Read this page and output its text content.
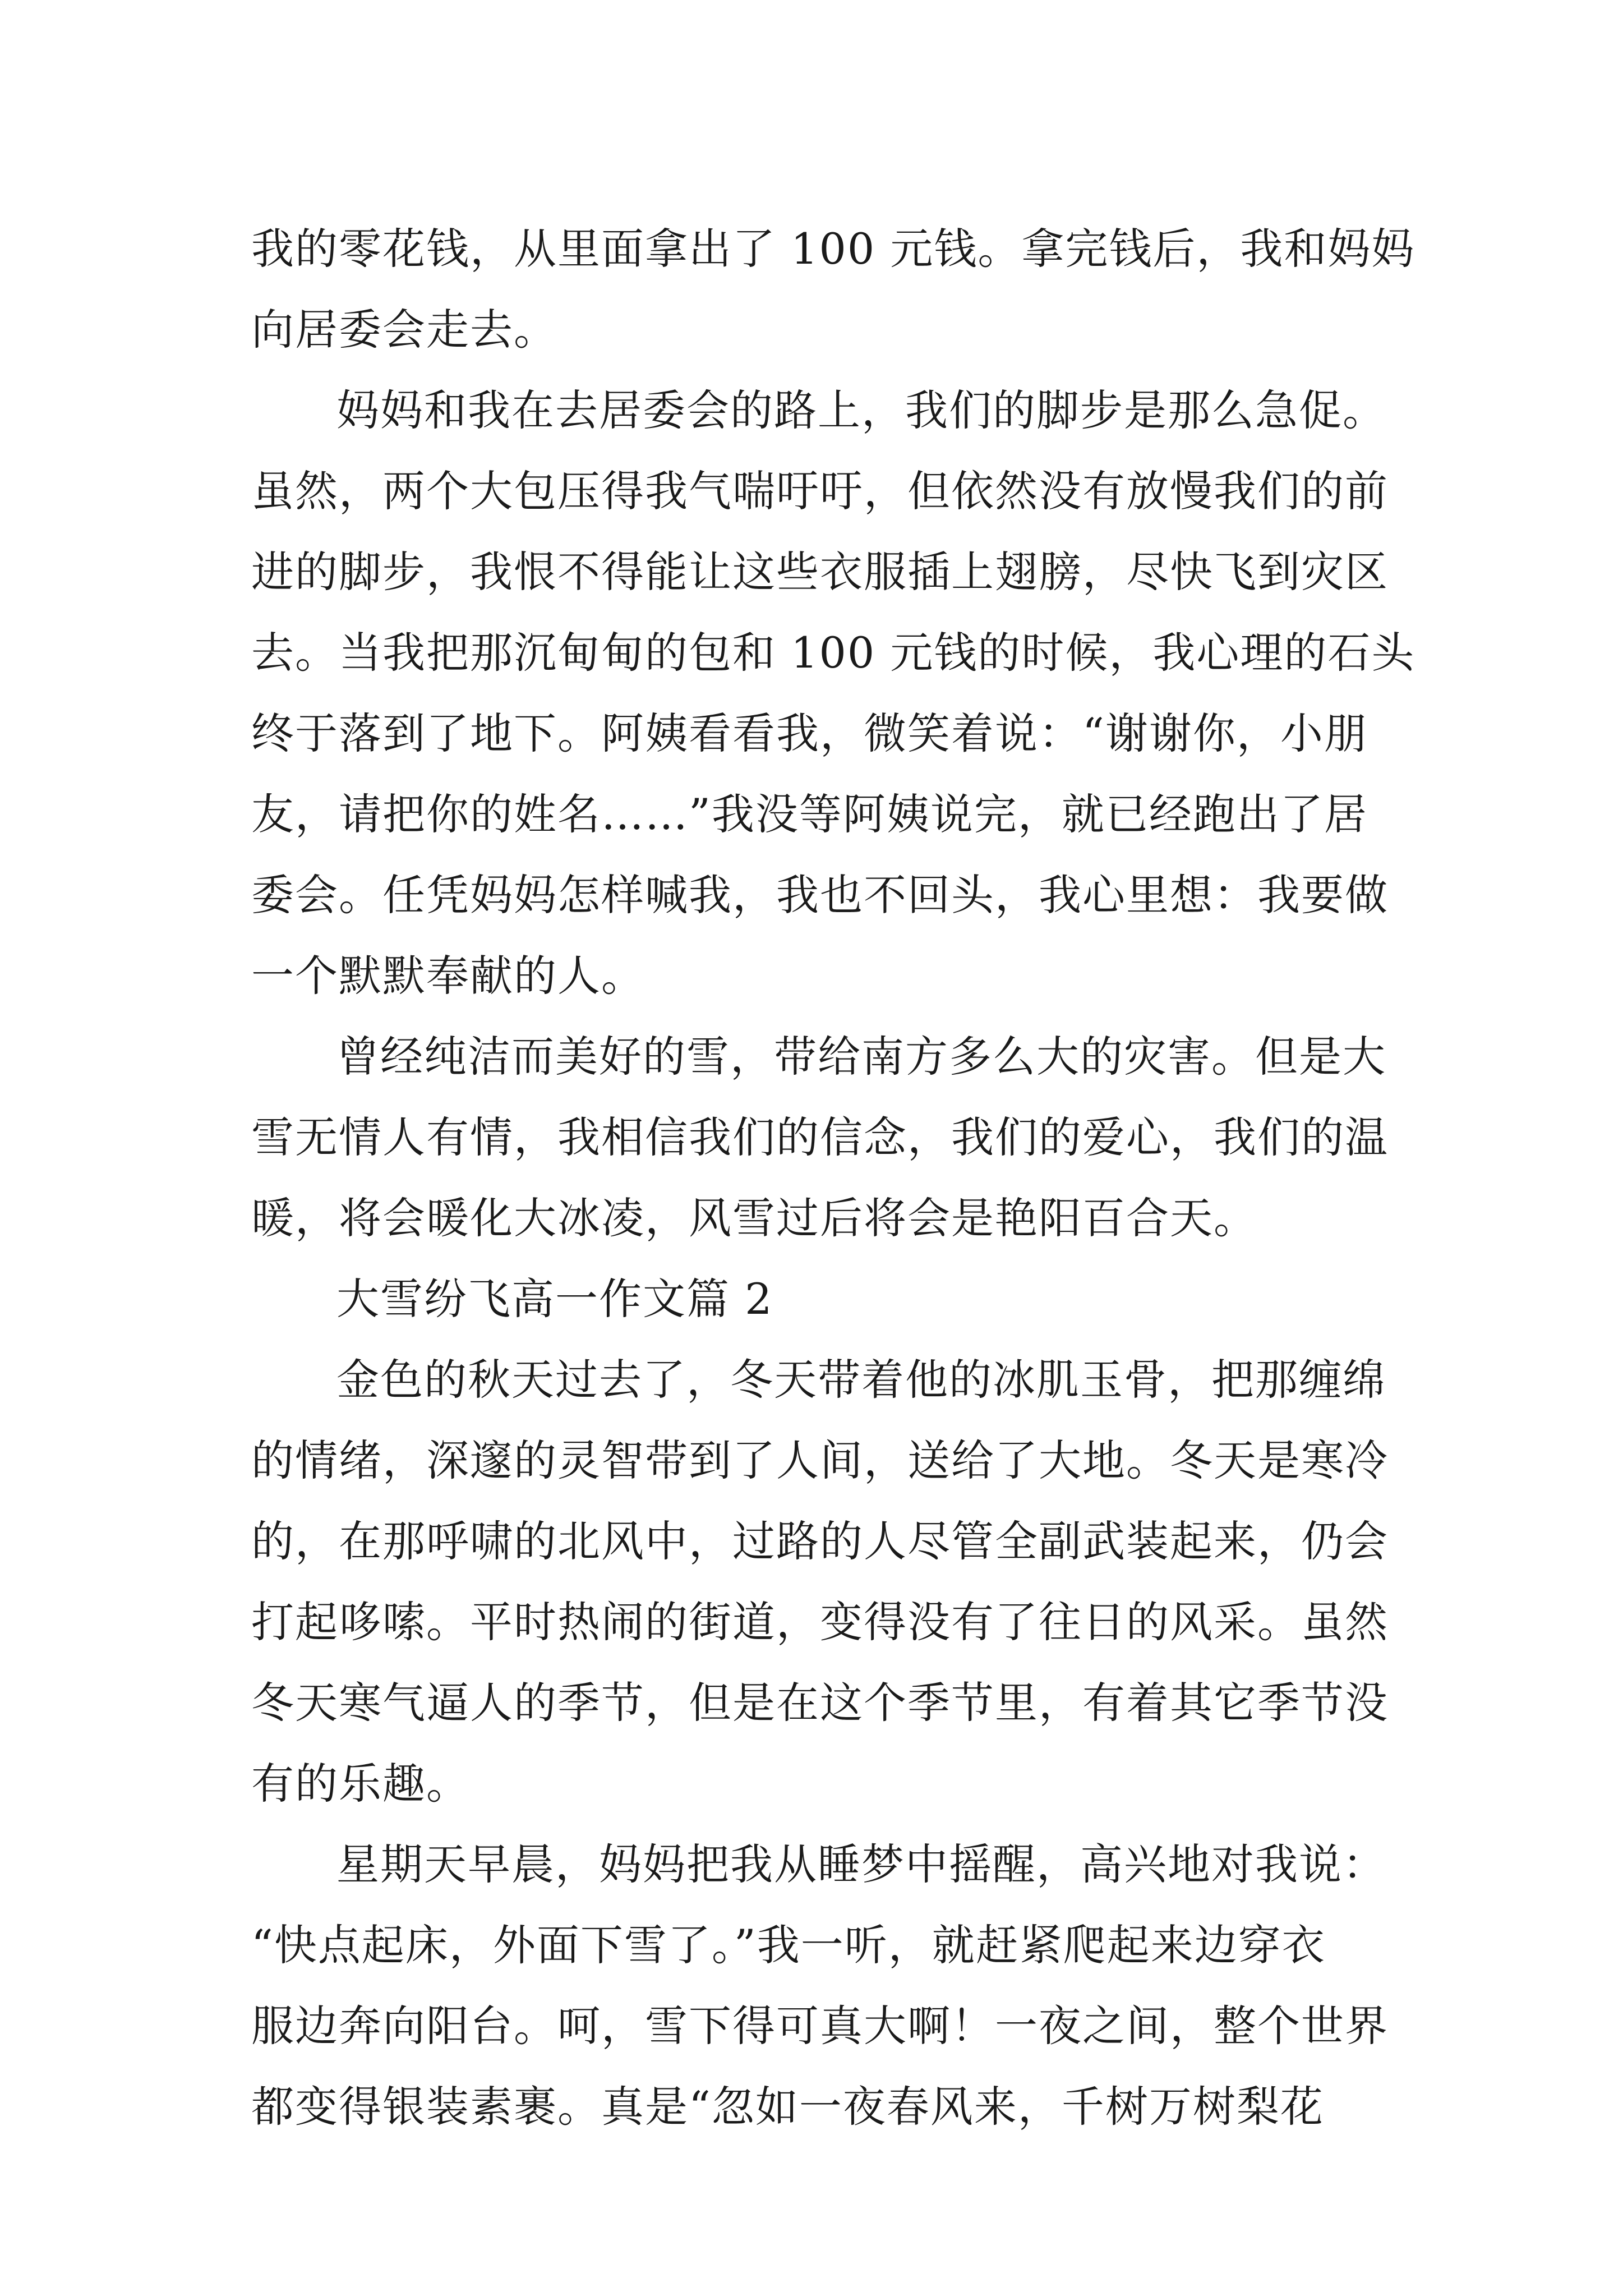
我的零花钱，从里面拿出了 100 元钱。拿完钱后，我和妈妈

向居委会走去。

妈妈和我在去居委会的路上，我们的脚步是那么急促。

虽然，两个大包压得我气喘吁吁，但依然没有放慢我们的前

进的脚步，我恨不得能让这些衣服插上翅膀，尽快飞到灾区

去。当我把那沉甸甸的包和 100 元钱的时候，我心理的石头

终于落到了地下。阿姨看看我，微笑着说：“谢谢你，小朋

友，请把你的姓名……”我没等阿姨说完，就已经跑出了居

委会。任凭妈妈怎样喊我，我也不回头，我心里想：我要做

一个默默奉献的人。

曾经纯洁而美好的雪，带给南方多么大的灾害。但是大

雪无情人有情，我相信我们的信念，我们的爱心，我们的温

暖，将会暖化大冰凌，风雪过后将会是艳阳百合天。

大雪纷飞高一作文篇 2

金色的秋天过去了，冬天带着他的冰肌玉骨，把那缠绵

的情绪，深邃的灵智带到了人间，送给了大地。冬天是寒冷

的，在那呼啸的北风中，过路的人尽管全副武装起来，仍会

打起哆嗦。平时热闹的街道，变得没有了往日的风采。虽然

冬天寒气逼人的季节，但是在这个季节里，有着其它季节没

有的乐趣。

星期天早晨，妈妈把我从睡梦中摇醒，高兴地对我说：

“快点起床，外面下雪了。”我一听，就赶紧爬起来边穿衣

服边奔向阳台。呵，雪下得可真大啊！一夜之间，整个世界

都变得银装素裹。真是“忽如一夜春风来，千树万树梨花
